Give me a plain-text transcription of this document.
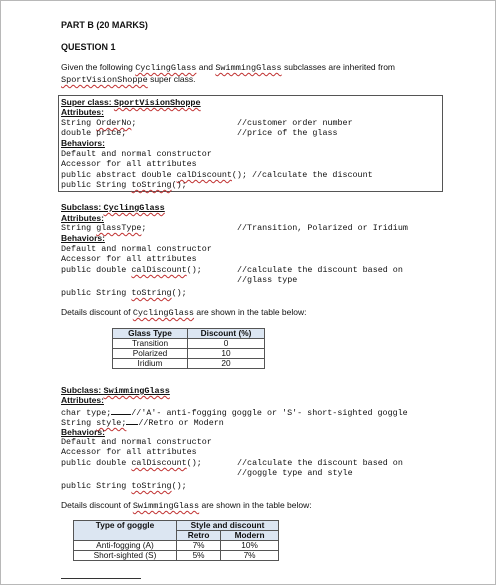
PART B (20 MARKS)
QUESTION 1
Given the following CyclingGlass and SwimmingGlass subclasses are inherited from
SportVisionShoppe super class.
Super class: SportVisionShoppe
Attributes:
String OrderNo;	//customer order number
double price;	//price of the glass
Behaviors:
Default and normal constructor
Accessor for all attributes
public abstract double calDiscount(); //calculate the discount
public String toString();
Subclass: CyclingGlass
Attributes:
String glassType;	//Transition, Polarized or Iridium
Behaviors:
Default and normal constructor
Accessor for all attributes
public double calDiscount();	//calculate the discount based on
//glass type
public String toString();
Details discount of CyclingGlass are shown in the table below:
Glass Type	Discount (%)
Transition	0
Polarized	10
Iridium	20
Subclass: SwimmingGlass
Attributes:
char type; //'A'- anti-fogging goggle or 'S'- short-sighted goggle
String style; //Retro or Modern
Behaviors:
Default and normal constructor
Accessor for all attributes
public double calDiscount();	//calculate the discount based on
//goggle type and style
public String toString();
Details discount of SwimmingGlass are shown in the table below:
Type of goggle	Style and discount	
	Retro	Modern
Anti-fogging (A)	7%	10%
Short-sighted (S)	5%	7%
